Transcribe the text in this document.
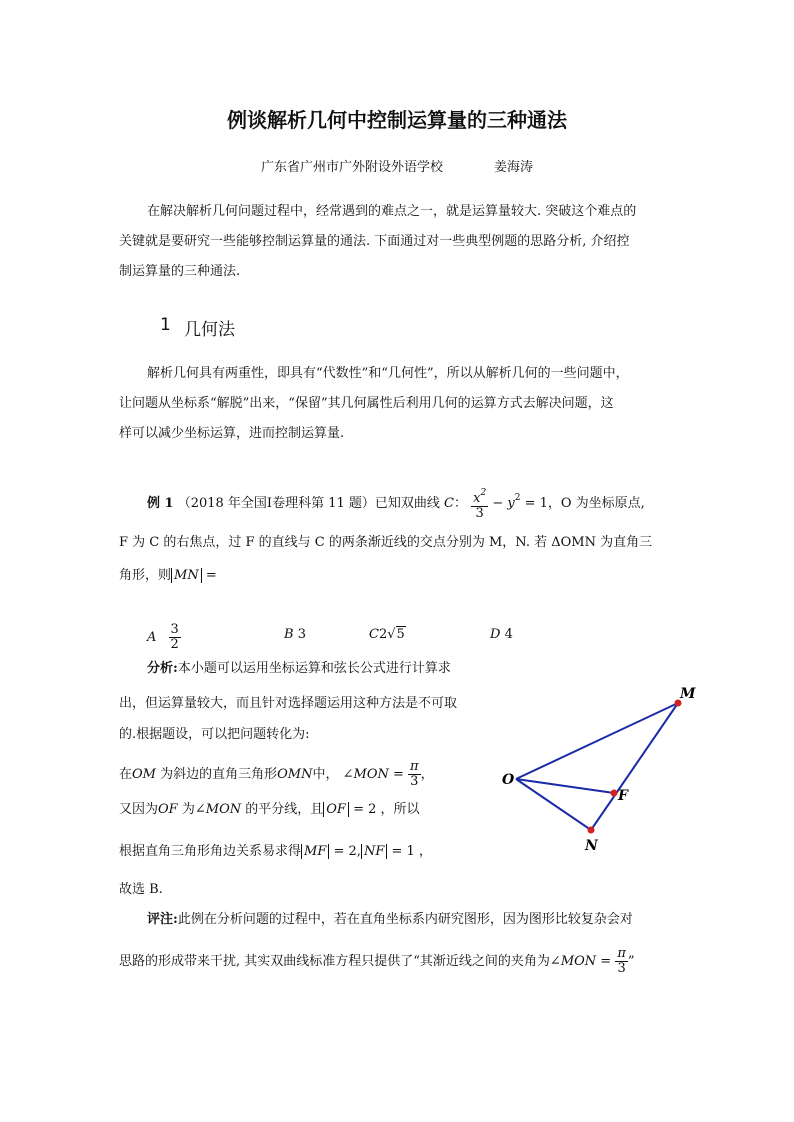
例谈解析几何中控制运算量的三种通法
广东省广州市广外附设外语学校	姜海涛
在解决解析几何问题过程中，经常遇到的难点之一，就是运算量较大. 突破这个难点的
关键就是要研究一些能够控制运算量的通法. 下面通过对一些典型例题的思路分析, 介绍控
制运算量的三种通法.
1 几何法
解析几何具有两重性，即具有“代数性”和“几何性”，所以从解析几何的一些问题中，
让问题从坐标系“解脱”出来，“保留”其几何属性后利用几何的运算方式去解决问题，这
样可以减少坐标运算，进而控制运算量.
例 1 （2018 年全国Ⅰ卷理科第 11 题）已知双曲线 C： $\frac{x^2}{3} - y^2 = 1$，O 为坐标原点,
F 为 C 的右焦点，过 F 的直线与 C 的两条渐近线的交点分别为 M，N. 若 ΔOMN 为直角三
角形，则 MN =
A $\frac{3}{2}$	B 3	C2√5	D 4
分析:本小题可以运用坐标运算和弦长公式进行计算求
出，但运算量较大，而且针对选择题运用这种方法是不可取
的.根据题设，可以把问题转化为:
在OM 为斜边的直角三角形OMN中， ∠MON = $\frac{\pi}{3}$ ，
又因为OF 为∠MON 的平分线，且 OF = 2 ，所以
根据直角三角形角边关系易求得 MF = 2, NF = 1 ，
故选 B.
评注:此例在分析问题的过程中，若在直角坐标系内研究图形，因为图形比较复杂会对
思路的形成带来干扰, 其实双曲线标准方程只提供了“其渐近线之间的夹角为∠MON = $\frac{\pi}{3}$ ”
M
O
F
N
